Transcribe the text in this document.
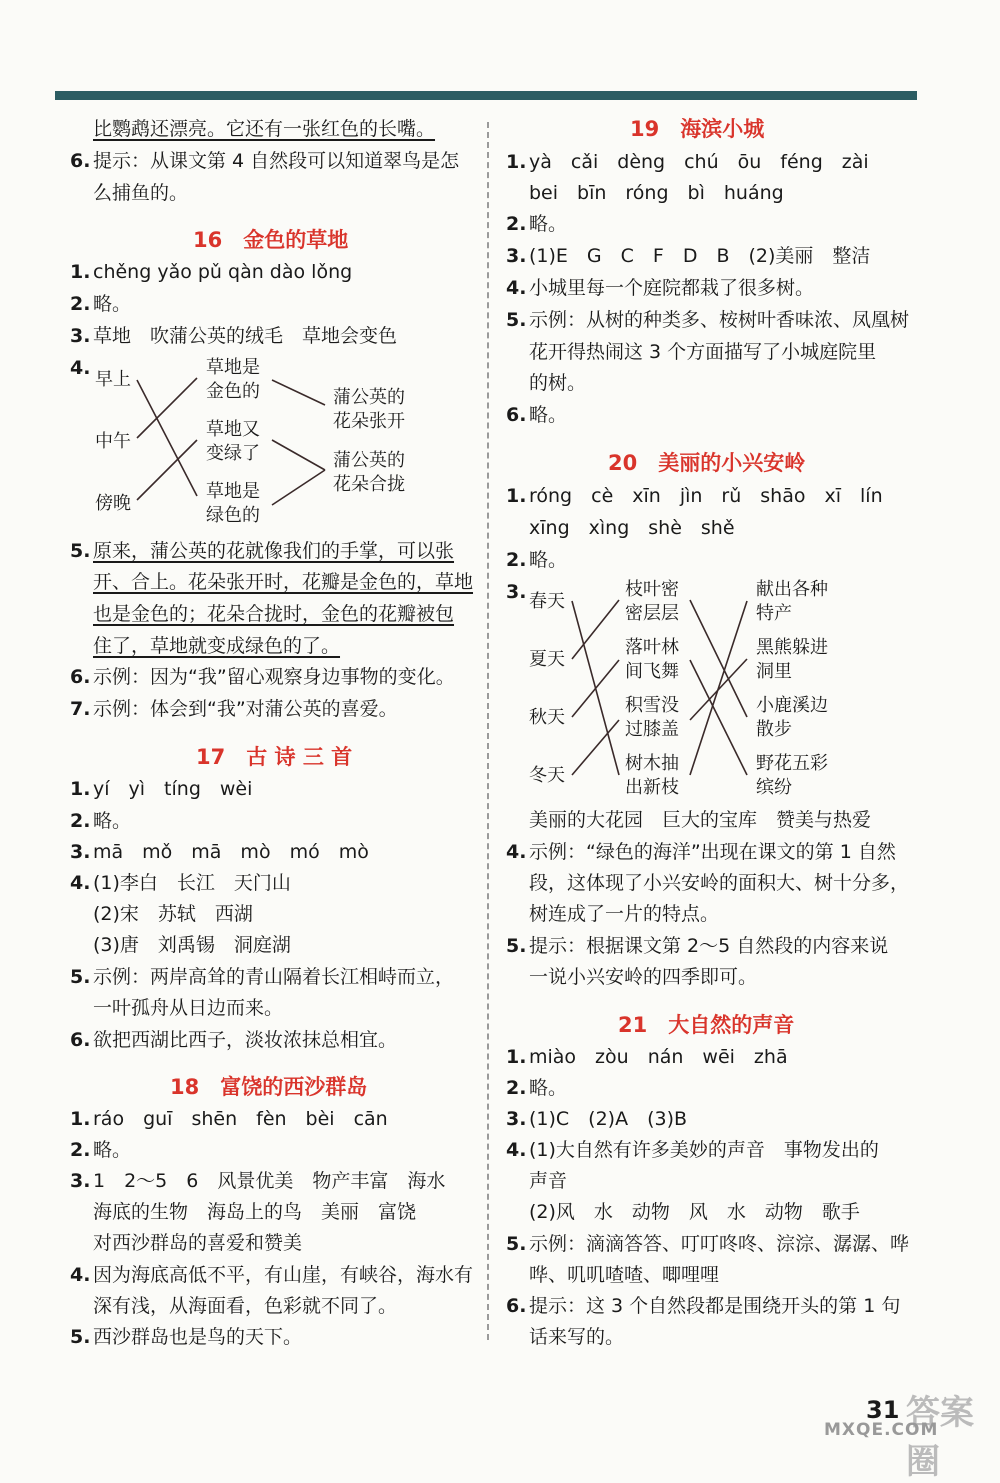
比鹦鹉还漂亮。它还有一张红色的长嘴。
6. 提示：从课文第 4 自然段可以知道翠鸟是怎
么捕鱼的。
16　金色的草地
1. chěng yǎo pǔ qàn dào lǒng
2. 略。
3. 草地　吹蒲公英的绒毛　草地会变色
4.
早上
中午
傍晚
草地是
金色的
草地又
变绿了
草地是
绿色的
蒲公英的
花朵张开
蒲公英的
花朵合拢
5. 原来，蒲公英的花就像我们的手掌，可以张
开、合上。花朵张开时，花瓣是金色的，草地
也是金色的；花朵合拢时，金色的花瓣被包
住了，草地就变成绿色的了。
6. 示例：因为“我”留心观察身边事物的变化。
7. 示例：体会到“我”对蒲公英的喜爱。
17　古 诗 三 首
1. yí　yì　tíng　wèi
2. 略。
3. mā　mǒ　mā　mò　mó　mò
4. (1)李白　长江　天门山
(2)宋　苏轼　西湖
(3)唐　刘禹锡　洞庭湖
5. 示例：两岸高耸的青山隔着长江相峙而立，
一叶孤舟从日边而来。
6. 欲把西湖比西子，淡妆浓抹总相宜。
18　富饶的西沙群岛
1. ráo　guī　shēn　fèn　bèi　cān
2. 略。
3. 1　2～5　6　风景优美　物产丰富　海水
海底的生物　海岛上的鸟　美丽　富饶
对西沙群岛的喜爱和赞美
4. 因为海底高低不平，有山崖，有峡谷，海水有
深有浅，从海面看，色彩就不同了。
5. 西沙群岛也是鸟的天下。
19　海滨小城
1. yà　cǎi　dèng　chú　ōu　féng　zài
bei　bīn　róng　bì　huáng
2. 略。
3. (1)E　G　C　F　D　B　(2)美丽　整洁
4. 小城里每一个庭院都栽了很多树。
5. 示例：从树的种类多、桉树叶香味浓、凤凰树
花开得热闹这 3 个方面描写了小城庭院里
的树。
6. 略。
20　美丽的小兴安岭
1. róng　cè　xīn　jìn　rǔ　shāo　xī　lín
xīng　xìng　shè　shě
2. 略。
3. 春天
夏天
秋天
冬天
枝叶密
密层层
落叶林
间飞舞
积雪没
过膝盖
树木抽
出新枝
献出各种
特产
黑熊躲进
洞里
小鹿溪边
散步
野花五彩
缤纷
美丽的大花园　巨大的宝库　赞美与热爱
4. 示例：“绿色的海洋”出现在课文的第 1 自然
段，这体现了小兴安岭的面积大、树十分多，
树连成了一片的特点。
5. 提示：根据课文第 2～5 自然段的内容来说
一说小兴安岭的四季即可。
21　大自然的声音
1. miào　zòu　nán　wēi　zhā
2. 略。
3. (1)C　(2)A　(3)B
4. (1)大自然有许多美妙的声音　事物发出的
声音
(2)风　水　动物　风　水　动物　歌手
5. 示例：滴滴答答、叮叮咚咚、淙淙、潺潺、哗
哗、叽叽喳喳、唧哩哩
6. 提示：这 3 个自然段都是围绕开头的第 1 句
话来写的。
31 答案圈
MXQE.COM
